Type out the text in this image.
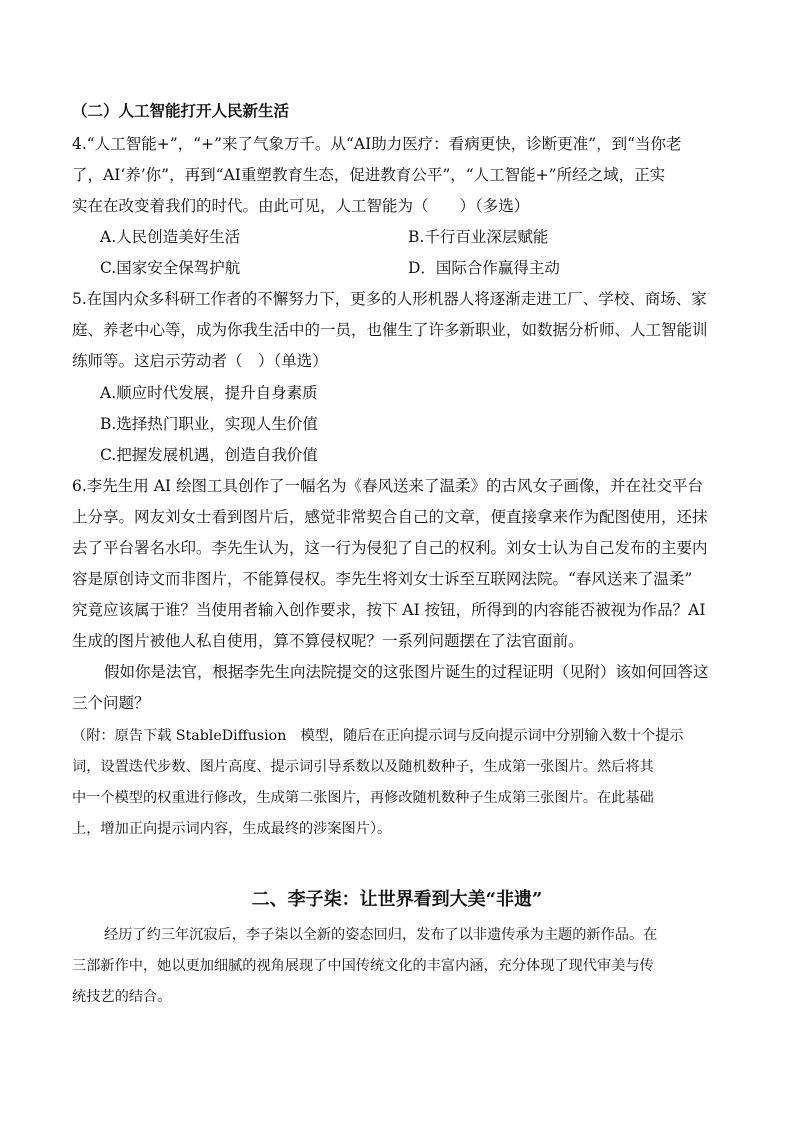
（二）人工智能打开人民新生活
4.“人工智能+”，“+”来了气象万千。从“AI助力医疗：看病更快，诊断更准”，到“当你老
了，AI‘养’你”，再到“AI重塑教育生态，促进教育公平”，“人工智能+”所经之域，正实
实在在改变着我们的时代。由此可见，人工智能为（　　）（多选）
A.人民创造美好生活	B.千行百业深层赋能
C.国家安全保驾护航	D．国际合作赢得主动
5.在国内众多科研工作者的不懈努力下，更多的人形机器人将逐渐走进工厂、学校、商场、家
庭、养老中心等，成为你我生活中的一员，也催生了许多新职业，如数据分析师、人工智能训
练师等。这启示劳动者（　）（单选）
A.顺应时代发展，提升自身素质
B.选择热门职业，实现人生价值
C.把握发展机遇，创造自我价值
6.李先生用 AI 绘图工具创作了一幅名为《春风送来了温柔》的古风女子画像，并在社交平台
上分享。网友刘女士看到图片后，感觉非常契合自己的文章，便直接拿来作为配图使用，还抹
去了平台署名水印。李先生认为，这一行为侵犯了自己的权利。刘女士认为自己发布的主要内
容是原创诗文而非图片，不能算侵权。李先生将刘女士诉至互联网法院。“春风送来了温柔”
究竟应该属于谁？当使用者输入创作要求，按下 AI 按钮，所得到的内容能否被视为作品？AI
生成的图片被他人私自使用，算不算侵权呢？一系列问题摆在了法官面前。
假如你是法官，根据李先生向法院提交的这张图片诞生的过程证明（见附）该如何回答这
三个问题？
（附：原告下载 StableDiffusion　模型，随后在正向提示词与反向提示词中分别输入数十个提示
词，设置迭代步数、图片高度、提示词引导系数以及随机数种子，生成第一张图片。然后将其
中一个模型的权重进行修改，生成第二张图片，再修改随机数种子生成第三张图片。在此基础
上，增加正向提示词内容，生成最终的涉案图片）。
二、李子柒：让世界看到大美“非遗”
经历了约三年沉寂后，李子柒以全新的姿态回归，发布了以非遗传承为主题的新作品。在
三部新作中，她以更加细腻的视角展现了中国传统文化的丰富内涵，充分体现了现代审美与传
统技艺的结合。
